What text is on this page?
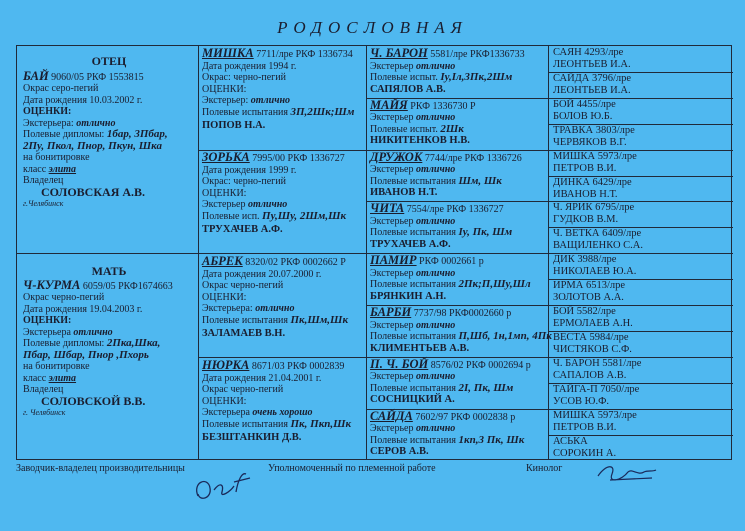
РОДОСЛОВНАЯ
ОТЕЦ
БАЙ 9060/05 РКФ 1553815
Окрас серо-пегий
Дата рождения 10.03.2002 г.
ОЦЕНКИ:
Экстерьера: отлично
Полевые дипломы: 1бар, 3Пбар,
2Пу, Пкол, Пнор, Пкун, Шка
на бонитировке
класс элита
Владелец
СОЛОВСКАЯ А.В.
г.Челябинск
МАТЬ
Ч-КУРМА 6059/05 РКФ1674663
Окрас черно-пегий
Дата рождения 19.04.2003 г.
ОЦЕНКИ:
Экстерьера отлично
Полевые дипломы: 2Пка,Шка,
Пбар, Шбар, Пнор ,Пхорь
на бонитировке
класс элита
Владелец
СОЛОВСКОЙ В.В.
г. Челябинск
МИШКА 7711/лре РКФ 1336734
Дата рождения 1994 г.
Окрас: черно-пегий
ОЦЕНКИ:
Экстерьер: отлично
Полевые испытания 3П,2Шк;Шм
ПОПОВ Н.А.
ЗОРЬКА 7995/00 РКФ 1336727
Дата рождения 1999 г.
Окрас: черно-пегий
ОЦЕНКИ:
Экстерьер отлично
Полевые исп. Пу,Шу, 2Шм,Шк
ТРУХАЧЕВ А.Ф.
АБРЕК 8320/02 РКФ 0002662 Р
Дата рождения 20.07.2000 г.
Окрас черно-пегий
ОЦЕНКИ:
Экстерьера: отлично
Полевые испытания Пк,Шм,Шк
ЗАЛАМАЕВ В.Н.
НЮРКА 8671/03 РКФ 0002839
Дата рождения 21.04.2001 г.
Окрас черно-пегий
ОЦЕНКИ:
Экстерьера очень хорошо
Полевые испытания Пк, Пкп,Шк
БЕЗШТАНКИН Д.В.
Ч. БАРОН 5581/лре РКФ1336733
Экстерьер отлично
Полевые испыт. Iу,Iл,3Пк,2Шм
САПЯЛОВ А.В.
МАЙЯ РКФ 1336730 Р
Экстерьер отлично
Полевые испыт. 2Шк
НИКИТЕНКОВ Н.В.
ДРУЖОК 7744/лре РКФ 1336726
Экстерьер отлично
Полевые испытания Шм, Шк
ИВАНОВ Н.Т.
ЧИТА 7554/лре РКФ 1336727
Экстерьер отлично
Полевые испытания Iу, Пк, Шм
ТРУХАЧЕВ А.Ф.
ПАМИР РКФ 0002661 р
Экстерьер отлично
Полевые испытания 2Пк;П,Шу,Шл
БРЯНКИН А.Н.
БАРБИ 7737/98 РКФ0002660 р
Экстерьер отлично
Полевые испытания П,Шб, 1н,1мп, 4Пк
КЛИМЕНТЬЕВ А.В.
П. Ч. БОЙ 8576/02 РКФ 0002694 р
Экстерьер отлично
Полевые испытания 2I, Пк, Шм
СОСНИЦКИЙ А.
САЙДА 7602/97 РКФ 0002838 р
Экстерьер отлично
Полевые испытания 1кп,3 Пк, Шк
СЕРОВ А.В.
САЯН 4293/лре
ЛЕОНТЬЕВ И.А.
САЙДА 3796/лре
ЛЕОНТЬЕВ И.А.
БОЙ 4455/лре
БОЛОВ Ю.Б.
ТРАВКА 3803/лре
ЧЕРВЯКОВ В.Г.
МИШКА 5973/лре
ПЕТРОВ В.И.
ДИНКА 6429/лре
ИВАНОВ Н.Т.
Ч. ЯРИК 6795/лре
ГУДКОВ В.М.
Ч. ВЕТКА 6409/лре
ВАЩИЛЕНКО С.А.
ДИК 3988/лре
НИКОЛАЕВ Ю.А.
ИРМА 6513/лре
ЗОЛОТОВ А.А.
БОЙ 5582/лре
ЕРМОЛАЕВ А.Н.
ВЕСТА 5984/лре
ЧИСТЯКОВ С.Ф.
Ч. БАРОН 5581/лре
САПАЛОВ А.В.
ТАЙГА-П 7050/лре
УСОВ Ю.Ф.
МИШКА 5973/лре
ПЕТРОВ В.И.
АСЬКА
СОРОКИН А.
Заводчик-владелец производительницы	Уполномоченный по племенной работе	Кинолог
